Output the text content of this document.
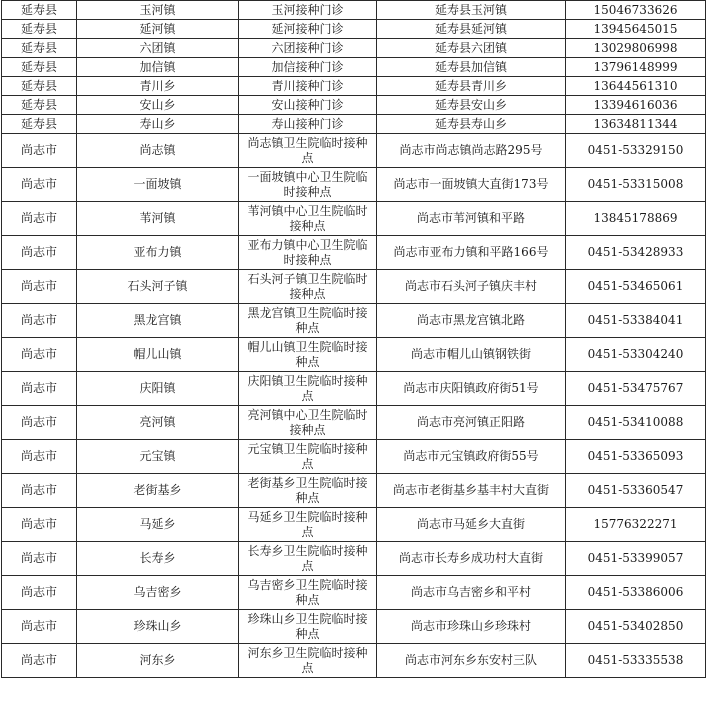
延寿县	玉河镇	玉河接种门诊	延寿县玉河镇	15046733626
延寿县	延河镇	延河接种门诊	延寿县延河镇	13945645015
延寿县	六团镇	六团接种门诊	延寿县六团镇	13029806998
延寿县	加信镇	加信接种门诊	延寿县加信镇	13796148999
延寿县	青川乡	青川接种门诊	延寿县青川乡	13644561310
延寿县	安山乡	安山接种门诊	延寿县安山乡	13394616036
延寿县	寿山乡	寿山接种门诊	延寿县寿山乡	13634811344
尚志市	尚志镇	尚志镇卫生院临时接种点	尚志市尚志镇尚志路295号	0451-53329150
尚志市	一面坡镇	一面坡镇中心卫生院临时接种点	尚志市一面坡镇大直街173号	0451-53315008
尚志市	苇河镇	苇河镇中心卫生院临时接种点	尚志市苇河镇和平路	13845178869
尚志市	亚布力镇	亚布力镇中心卫生院临时接种点	尚志市亚布力镇和平路166号	0451-53428933
尚志市	石头河子镇	石头河子镇卫生院临时接种点	尚志市石头河子镇庆丰村	0451-53465061
尚志市	黑龙宫镇	黑龙宫镇卫生院临时接种点	尚志市黑龙宫镇北路	0451-53384041
尚志市	帽儿山镇	帽儿山镇卫生院临时接种点	尚志市帽儿山镇钢铁街	0451-53304240
尚志市	庆阳镇	庆阳镇卫生院临时接种点	尚志市庆阳镇政府街51号	0451-53475767
尚志市	亮河镇	亮河镇中心卫生院临时接种点	尚志市亮河镇正阳路	0451-53410088
尚志市	元宝镇	元宝镇卫生院临时接种点	尚志市元宝镇政府街55号	0451-53365093
尚志市	老街基乡	老街基乡卫生院临时接种点	尚志市老街基乡基丰村大直街	0451-53360547
尚志市	马延乡	马延乡卫生院临时接种点	尚志市马延乡大直街	15776322271
尚志市	长寿乡	长寿乡卫生院临时接种点	尚志市长寿乡成功村大直街	0451-53399057
尚志市	乌吉密乡	乌吉密乡卫生院临时接种点	尚志市乌吉密乡和平村	0451-53386006
尚志市	珍珠山乡	珍珠山乡卫生院临时接种点	尚志市珍珠山乡珍珠村	0451-53402850
尚志市	河东乡	河东乡卫生院临时接种点	尚志市河东乡东安村三队	0451-53335538
